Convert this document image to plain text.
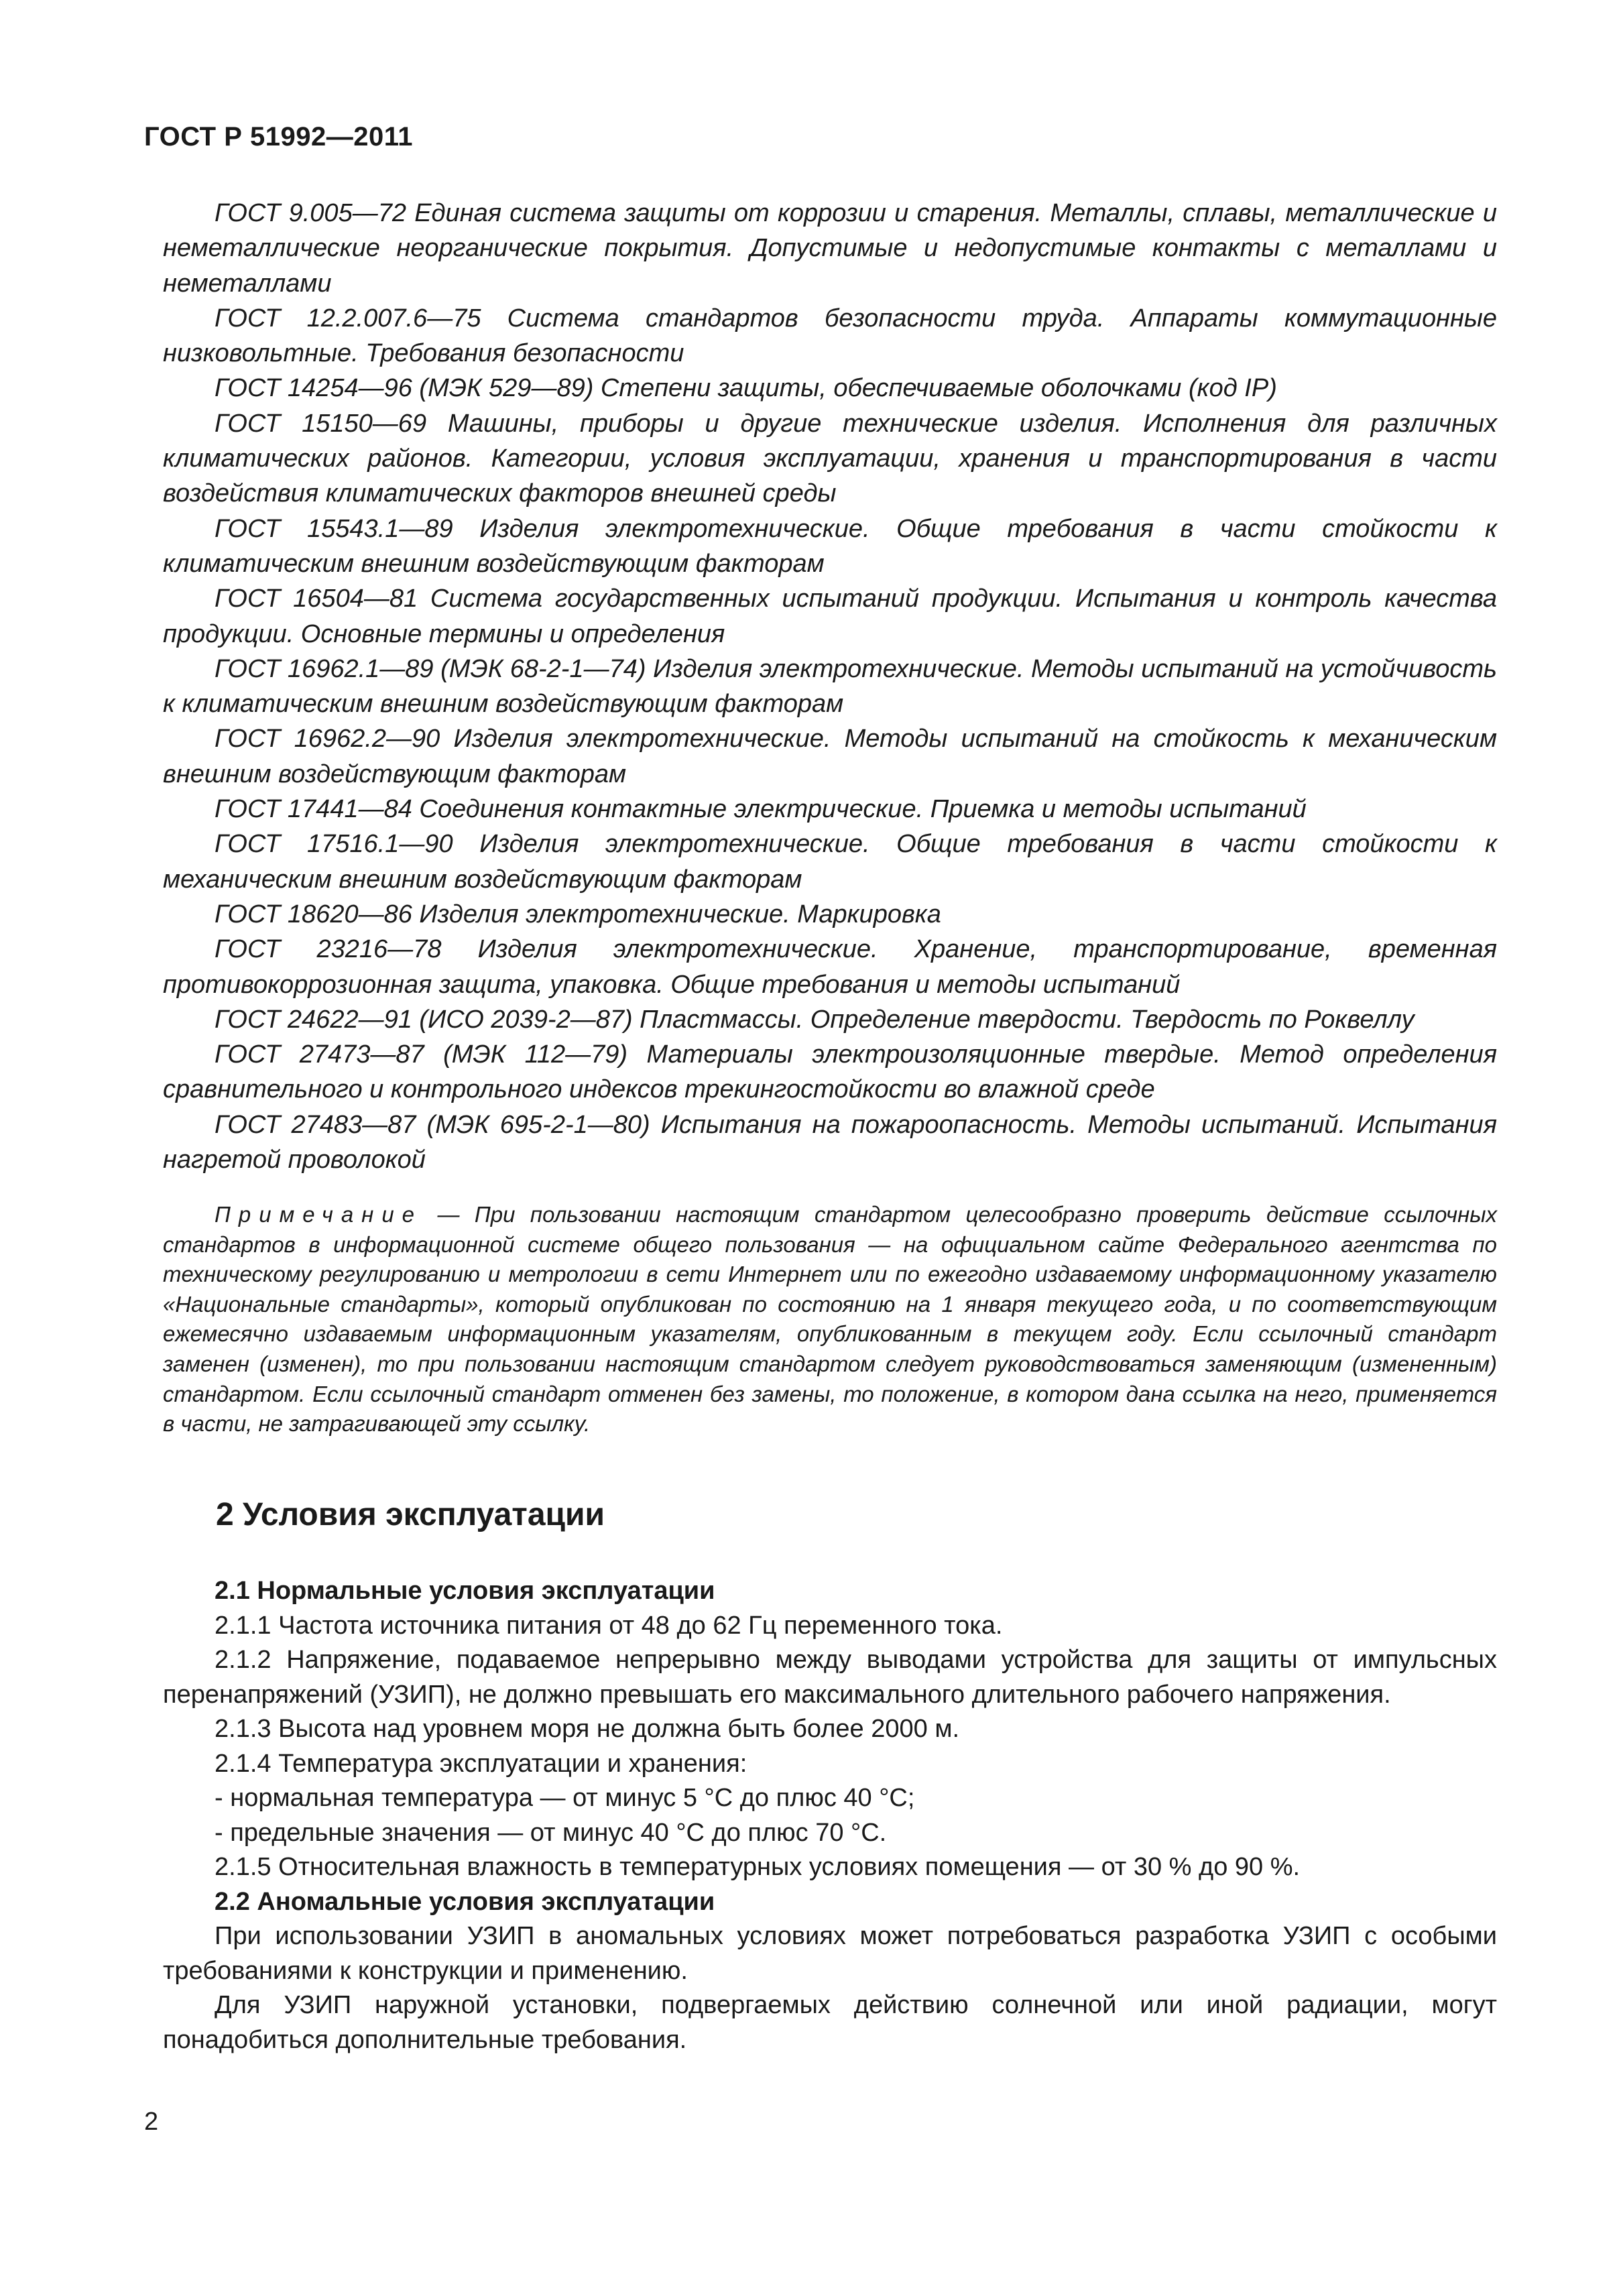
ГОСТ Р 51992—2011

ГОСТ 9.005—72 Единая система защиты от коррозии и старения. Металлы, сплавы, металлические и неметаллические неорганические покрытия. Допустимые и недопустимые контакты с металлами и неметаллами

ГОСТ 12.2.007.6—75 Система стандартов безопасности труда. Аппараты коммутационные низковольтные. Требования безопасности

ГОСТ 14254—96 (МЭК 529—89) Степени защиты, обеспечиваемые оболочками (код IP)

ГОСТ 15150—69 Машины, приборы и другие технические изделия. Исполнения для различных климатических районов. Категории, условия эксплуатации, хранения и транспортирования в части воздействия климатических факторов внешней среды

ГОСТ 15543.1—89 Изделия электротехнические. Общие требования в части стойкости к климатическим внешним воздействующим факторам

ГОСТ 16504—81 Система государственных испытаний продукции. Испытания и контроль качества продукции. Основные термины и определения

ГОСТ 16962.1—89 (МЭК 68-2-1—74) Изделия электротехнические. Методы испытаний на устойчивость к климатическим внешним воздействующим факторам

ГОСТ 16962.2—90 Изделия электротехнические. Методы испытаний на стойкость к механическим внешним воздействующим факторам

ГОСТ 17441—84 Соединения контактные электрические. Приемка и методы испытаний

ГОСТ 17516.1—90 Изделия электротехнические. Общие требования в части стойкости к механическим внешним воздействующим факторам

ГОСТ 18620—86 Изделия электротехнические. Маркировка

ГОСТ 23216—78 Изделия электротехнические. Хранение, транспортирование, временная противокоррозионная защита, упаковка. Общие требования и методы испытаний

ГОСТ 24622—91 (ИСО 2039-2—87) Пластмассы. Определение твердости. Твердость по Роквеллу

ГОСТ 27473—87 (МЭК 112—79) Материалы электроизоляционные твердые. Метод определения сравнительного и контрольного индексов трекингостойкости во влажной среде

ГОСТ 27483—87 (МЭК 695-2-1—80) Испытания на пожароопасность. Методы испытаний. Испытания нагретой проволокой

Примечание — При пользовании настоящим стандартом целесообразно проверить действие ссылочных стандартов в информационной системе общего пользования — на официальном сайте Федерального агентства по техническому регулированию и метрологии в сети Интернет или по ежегодно издаваемому информационному указателю «Национальные стандарты», который опубликован по состоянию на 1 января текущего года, и по соответствующим ежемесячно издаваемым информационным указателям, опубликованным в текущем году. Если ссылочный стандарт заменен (изменен), то при пользовании настоящим стандартом следует руководствоваться заменяющим (измененным) стандартом. Если ссылочный стандарт отменен без замены, то положение, в котором дана ссылка на него, применяется в части, не затрагивающей эту ссылку.
2 Условия эксплуатации

2.1 Нормальные условия эксплуатации

2.1.1 Частота источника питания от 48 до 62 Гц переменного тока.

2.1.2 Напряжение, подаваемое непрерывно между выводами устройства для защиты от импульсных перенапряжений (УЗИП), не должно превышать его максимального длительного рабочего напряжения.

2.1.3 Высота над уровнем моря не должна быть более 2000 м.

2.1.4 Температура эксплуатации и хранения:

- нормальная температура — от минус 5 °С до плюс 40 °С;

- предельные значения — от минус 40 °С до плюс 70 °С.

2.1.5 Относительная влажность в температурных условиях помещения — от 30 % до 90 %.

2.2 Аномальные условия эксплуатации

При использовании УЗИП в аномальных условиях может потребоваться разработка УЗИП с особыми требованиями к конструкции и применению.

Для УЗИП наружной установки, подвергаемых действию солнечной или иной радиации, могут понадобиться дополнительные требования.

2
